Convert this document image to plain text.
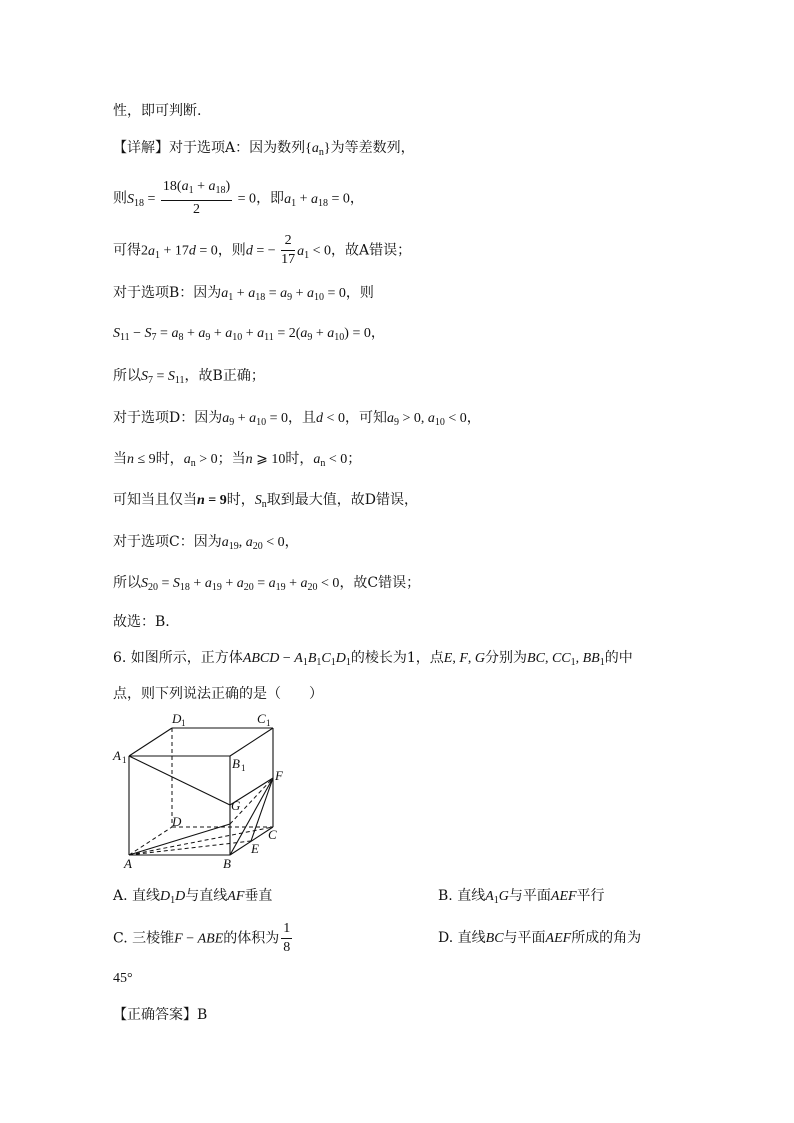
性，即可判断.
【详解】对于选项A：因为数列$\{a_n\}$为等差数列，
则$S_{18} = \frac{18(a_1 + a_{18})}{2} = 0$，即$a_1 + a_{18} = 0$，
可得$2a_1 + 17d = 0$，则d = − $\frac{2}{17} a_1 < 0$，故A错误；
对于选项B：因为$a_1 + a_{18} = a_9 + a_{10} = 0$，则
$S_{11} - S_7 = a_8 + a_9 + a_{10} + a_{11} = 2(a_9 + a_{10}) = 0$，
所以$S_7 = S_{11}$，故B正确；
对于选项D：因为$a_9 + a_{10} = 0$，且d < 0，可知$a_9 > 0$, $a_{10} < 0$，
当n ≤ 9时，$a_n > 0$；当n ⩾ 10时，$a_n < 0$；
可知当且仅当n = 9时，$S_n$取到最大值，故D错误，
对于选项C：因为$a_{19}$, $a_{20} < 0$，
所以$S_{20} = S_{18} + a_{19} + a_{20} = a_{19} + a_{20} < 0$，故C错误；
故选：B.
6. 如图所示，正方体ABCD − $A_1B_1C_1D_1$的棱长为1，点E, F, G分别为BC, $CC_1$, $BB_1$的中
点，则下列说法正确的是（　　）
D 1	C 1
A 1	B 1 F
G
D
C
E
A	B
A. 直线$D_1D$与直线AF垂直	B. 直线$A_1G$与平面AEF平行
C. 三棱锥F − ABE的体积为 $\frac{1}{8}$	D. 直线BC与平面AEF所成的角为
45°
【正确答案】B
